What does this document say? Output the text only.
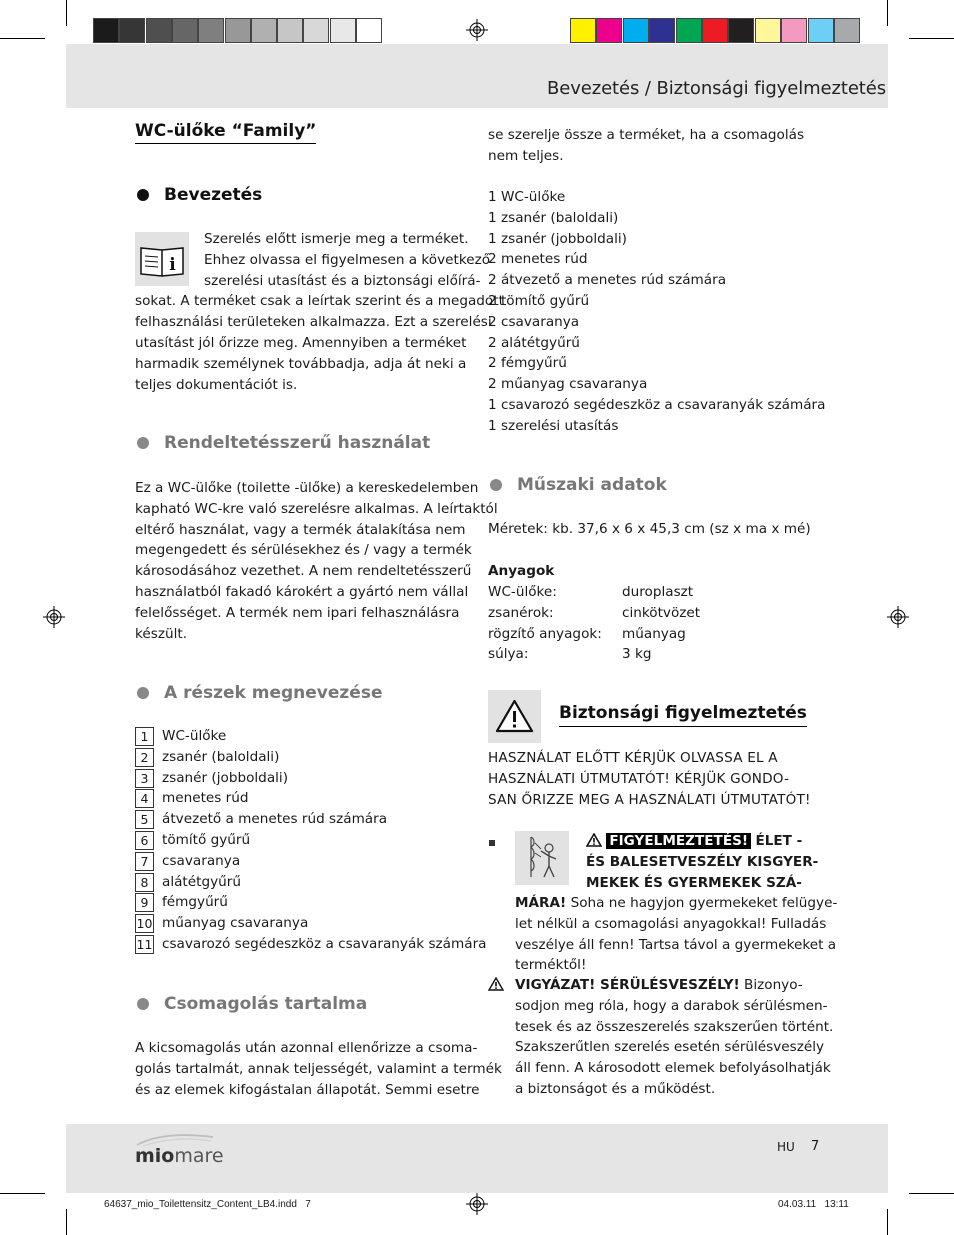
Bevezetés / Biztonsági figyelmeztetés
WC-ülőke “Family”
Bevezetés
i
Szerelés előtt ismerje meg a terméket.
Ehhez olvassa el figyelmesen a következő
szerelési utasítást és a biztonsági előírá-
sokat. A terméket csak a leírtak szerint és a megadott
felhasználási területeken alkalmazza. Ezt a szerelési
utasítást jól őrizze meg. Amennyiben a terméket
harmadik személynek továbbadja, adja át neki a
teljes dokumentációt is.
Rendeltetésszerű használat
Ez a WC-ülőke (toilette -ülőke) a kereskedelemben
kapható WC-kre való szerelésre alkalmas. A leírtaktól
eltérő használat, vagy a termék átalakítása nem
megengedett és sérülésekhez és / vagy a termék
károsodásához vezethet. A nem rendeltetésszerű
használatból fakadó károkért a gyártó nem vállal
felelősséget. A termék nem ipari felhasználásra
készült.
A részek megnevezése
1 WC-ülőke
2 zsanér (baloldali)
3 zsanér (jobboldali)
4 menetes rúd
5 átvezető a menetes rúd számára
6 tömítő gyűrű
7 csavaranya
8 alátétgyűrű
9 fémgyűrű
10 műanyag csavaranya
11 csavarozó segédeszköz a csavaranyák számára
Csomagolás tartalma
A kicsomagolás után azonnal ellenőrizze a csoma-
golás tartalmát, annak teljességét, valamint a termék
és az elemek kifogástalan állapotát. Semmi esetre
se szerelje össze a terméket, ha a csomagolás
nem teljes.
1 WC-ülőke
1 zsanér (baloldali)
1 zsanér (jobboldali)
2 menetes rúd
2 átvezető a menetes rúd számára
2 tömítő gyűrű
2 csavaranya
2 alátétgyűrű
2 fémgyűrű
2 műanyag csavaranya
1 csavarozó segédeszköz a csavaranyák számára
1 szerelési utasítás
Műszaki adatok
Méretek: kb. 37,6 x 6 x 45,3 cm (sz x ma x mé)
Anyagok
WC-ülőke:	duroplaszt
zsanérok:	cinkötvözet
rögzítő anyagok: műanyag
súlya:	3 kg
Biztonsági figyelmeztetés
HASZNÁLAT ELŐTT KÉRJÜK OLVASSA EL A
HASZNÁLATI ÚTMUTATÓT! KÉRJÜK GONDO-
SAN ŐRIZZE MEG A HASZNÁLATI ÚTMUTATÓT!
FIGYELMEZTETÉS! ÉLET -
ÉS BALESETVESZÉLY KISGYER-
MEKEK ÉS GYERMEKEK SZÁ-
MÁRA! Soha ne hagyjon gyermekeket felügye-
let nélkül a csomagolási anyagokkal! Fulladás
veszélye áll fenn! Tartsa távol a gyermekeket a
terméktől!
VIGYÁZAT! SÉRÜLÉSVESZÉLY! Bizonyo-
sodjon meg róla, hogy a darabok sérülésmen-
tesek és az összeszerelés szakszerűen történt.
Szakszerűtlen szerelés esetén sérülésveszély
áll fenn. A károsodott elemek befolyásolhatják
a biztonságot és a működést.
miomare	HU 7
64637_mio_Toilettensitz_Content_LB4.indd   7	04.03.11   13:11
